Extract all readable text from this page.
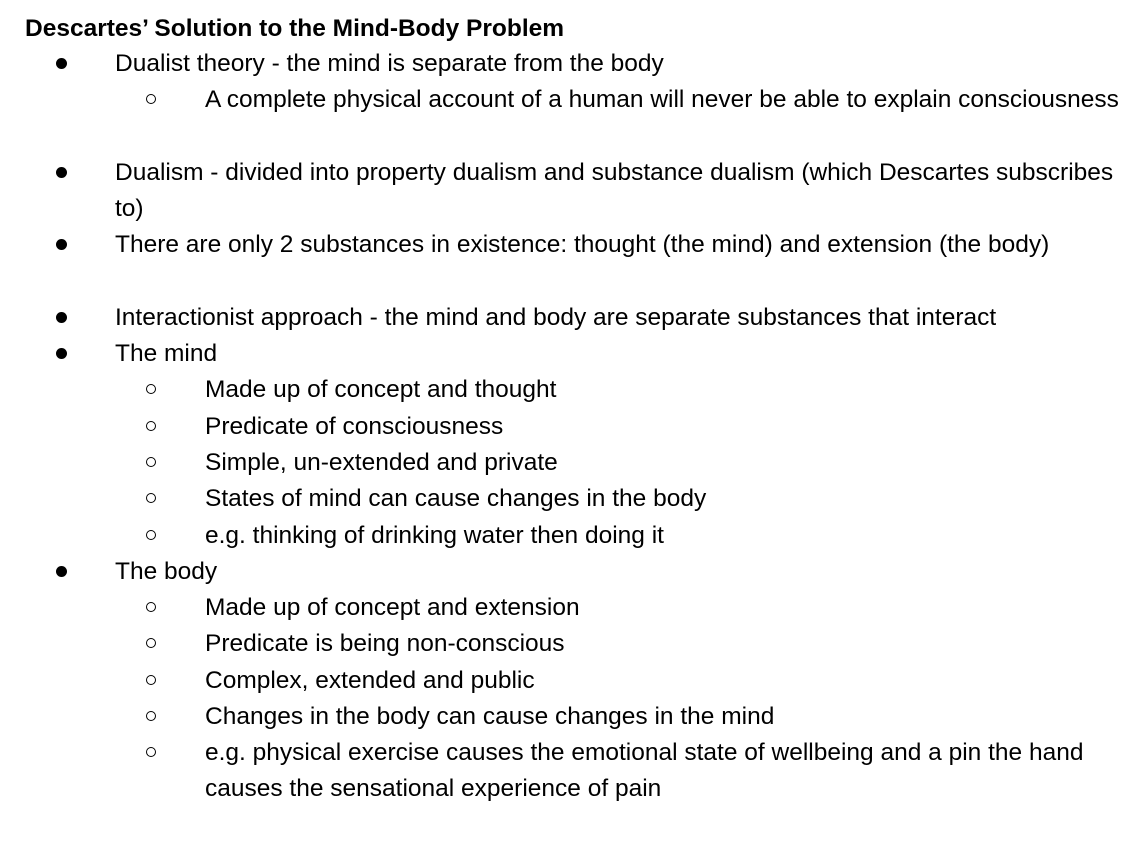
Descartes’ Solution to the Mind-Body Problem
Dualist theory - the mind is separate from the body
A complete physical account of a human will never be able to explain consciousness
Dualism - divided into property dualism and substance dualism (which Descartes subscribes to)
There are only 2 substances in existence: thought (the mind) and extension (the body)
Interactionist approach - the mind and body are separate substances that interact
The mind
Made up of concept and thought
Predicate of consciousness
Simple, un-extended and private
States of mind can cause changes in the body
e.g. thinking of drinking water then doing it
The body
Made up of concept and extension
Predicate is being non-conscious
Complex, extended and public
Changes in the body can cause changes in the mind
e.g. physical exercise causes the emotional state of wellbeing and a pin the hand causes the sensational experience of pain
